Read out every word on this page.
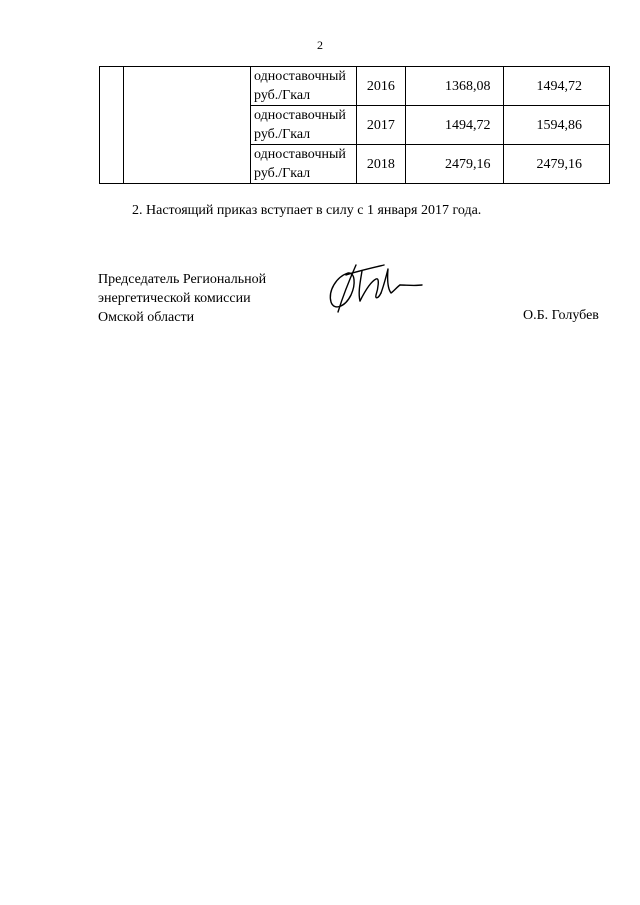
2

		одноставочный
руб./Гкал	2016	1368,08	1494,72

		одноставочный
руб./Гкал	2017	1494,72	1594,86

		одноставочный
руб./Гкал	2018	2479,16	2479,16
2. Настоящий приказ вступает в силу с 1 января 2017 года.
Председатель Региональной
энергетической комиссии
Омской области	О.Б. Голубев
